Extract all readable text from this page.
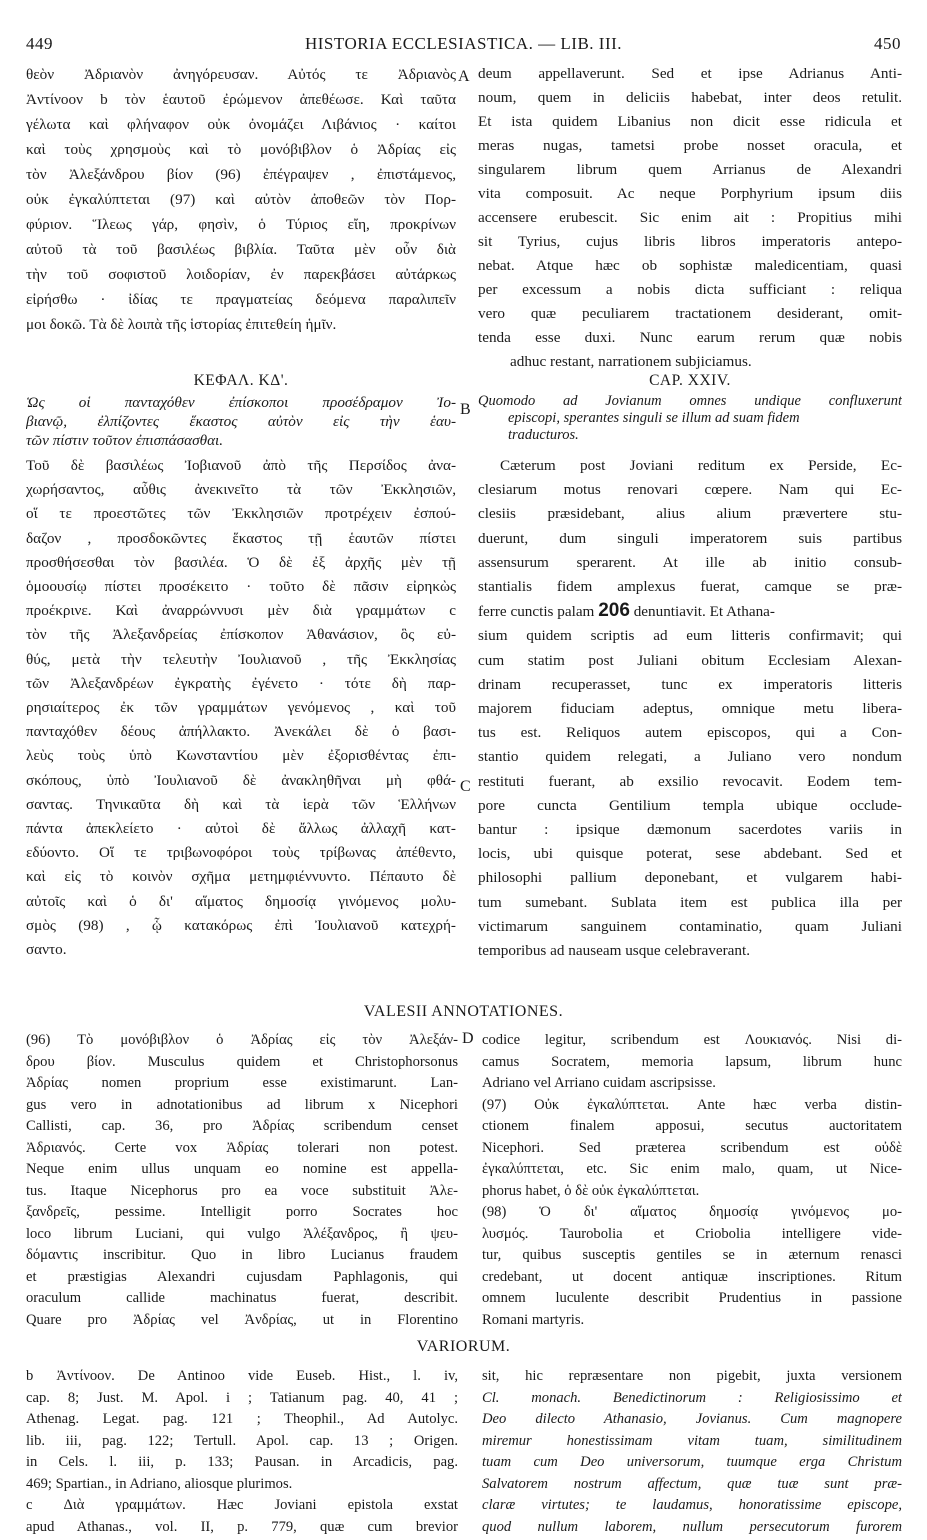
449	HISTORIA ECCLESIASTICA. — LIB. III.	450
A
B
C
D
θεὸν Ἀδριανὸν ἀνηγόρευσαν. Αὐτός τε Ἀδριανὸς
Ἀντίνοον b τὸν ἑαυτοῦ ἐρώμενον ἀπεθέωσε. Καὶ ταῦτα
γέλωτα καὶ φλήναφον οὐκ ὀνομάζει Λιβάνιος · καίτοι
καὶ τοὺς χρησμοὺς καὶ τὸ μονόβιβλον ὁ Ἀδρίας εἰς
τὸν Ἀλεξάνδρου βίον (96) ἐπέγραψεν , ἐπιστάμενος,
οὐκ ἐγκαλύπτεται (97) καὶ αὐτὸν ἀποθεῶν τὸν Πορ-
φύριον. Ἵλεως γάρ, φησὶν, ὁ Τύριος εἴη, προκρίνων
αὐτοῦ τὰ τοῦ βασιλέως βιβλία. Ταῦτα μὲν οὖν διὰ
τὴν τοῦ σοφιστοῦ λοιδορίαν, ἐν παρεκβάσει αὐτάρκως
εἰρήσθω · ἰδίας τε πραγματείας δεόμενα παραλιπεῖν
μοι δοκῶ. Τὰ δὲ λοιπὰ τῆς ἱστορίας ἐπιτεθείη ἡμῖν.
ΚΕΦΑΛ. ΚΔ'.
Ὡς οἱ πανταχόθεν ἐπίσκοποι προσέδραμον Ἰο-
βιανῷ, ἐλπίζοντες ἕκαστος αὐτὸν εἰς τὴν ἑαυ-
τῶν πίστιν τοῦτον ἐπισπάσασθαι.
Τοῦ δὲ βασιλέως Ἰοβιανοῦ ἀπὸ τῆς Περσίδος ἀνα-
χωρήσαντος, αὖθις ἀνεκινεῖτο τὰ τῶν Ἐκκλησιῶν,
οἵ τε προεστῶτες τῶν Ἐκκλησιῶν προτρέχειν ἐσπού-
δαζον , προσδοκῶντες ἕκαστος τῇ ἑαυτῶν πίστει
προσθήσεσθαι τὸν βασιλέα. Ὁ δὲ ἐξ ἀρχῆς μὲν τῇ
ὁμοουσίῳ πίστει προσέκειτο · τοῦτο δὲ πᾶσιν εἰρηκὼς
προέκρινε. Καὶ ἀναρρώννυσι μὲν διὰ γραμμάτων c
τὸν τῆς Ἀλεξανδρείας ἐπίσκοπον Ἀθανάσιον, ὃς εὐ-
θύς, μετὰ τὴν τελευτὴν Ἰουλιανοῦ , τῆς Ἐκκλησίας
τῶν Ἀλεξανδρέων ἐγκρατὴς ἐγένετο · τότε δὴ παρ-
ρησιαίτερος ἐκ τῶν γραμμάτων γενόμενος , καὶ τοῦ
πανταχόθεν δέους ἀπήλλακτο. Ἀνεκάλει δὲ ὁ βασι-
λεὺς τοὺς ὑπὸ Κωνσταντίου μὲν ἐξορισθέντας ἐπι-
σκόπους, ὑπὸ Ἰουλιανοῦ δὲ ἀνακληθῆναι μὴ φθά-
σαντας. Τηνικαῦτα δὴ καὶ τὰ ἱερὰ τῶν Ἑλλήνων
πάντα ἀπεκλείετο · αὐτοὶ δὲ ἄλλως ἀλλαχῆ κατ-
εδύοντο. Οἵ τε τριβωνοφόροι τοὺς τρίβωνας ἀπέθεντο,
καὶ εἰς τὸ κοινὸν σχῆμα μετημφιέννυντο. Πέπαυτο δὲ
αὐτοῖς καὶ ὁ δι' αἵματος δημοσίᾳ γινόμενος μολυ-
σμὸς (98) , ᾧ κατακόρως ἐπὶ Ἰουλιανοῦ κατεχρή-
σαντο.
deum appellaverunt. Sed et ipse Adrianus Anti-
noum, quem in deliciis habebat, inter deos retulit.
Et ista quidem Libanius non dicit esse ridicula et
meras nugas, tametsi probe nosset oracula, et
singularem librum quem Arrianus de Alexandri
vita composuit. Ac neque Porphyrium ipsum diis
accensere erubescit. Sic enim ait : Propitius mihi
sit Tyrius, cujus libris libros imperatoris antepo-
nebat. Atque hæc ob sophistæ maledicentiam, quasi
per excessum a nobis dicta sufficiant : reliqua
vero quæ peculiarem tractationem desiderant, omit-
tenda esse duxi. Nunc earum rerum quæ nobis
adhuc restant, narrationem subjiciamus.
CAP. XXIV.
Quomodo ad Jovianum omnes undique confluxerunt
episcopi, sperantes singuli se illum ad suam fidem
traducturos.
Cæterum post Joviani reditum ex Perside, Ec-
clesiarum motus renovari cœpere. Nam qui Ec-
clesiis præsidebant, alius alium prævertere stu-
duerunt, dum singuli imperatorem suis partibus
assensurum sperarent. At ille ab initio consub-
stantialis fidem amplexus fuerat, camque se præ-
ferre cunctis palam 206 denuntiavit. Et Athana-
sium quidem scriptis ad eum litteris confirmavit; qui
cum statim post Juliani obitum Ecclesiam Alexan-
drinam recuperasset, tunc ex imperatoris litteris
majorem fiduciam adeptus, omnique metu libera-
tus est. Reliquos autem episcopos, qui a Con-
stantio quidem relegati, a Juliano vero nondum
restituti fuerant, ab exsilio revocavit. Eodem tem-
pore cuncta Gentilium templa ubique occlude-
bantur : ipsique dæmonum sacerdotes variis in
locis, ubi quisque poterat, sese abdebant. Sed et
philosophi pallium deponebant, et vulgarem habi-
tum sumebant. Sublata item est publica illa per
victimarum sanguinem contaminatio, quam Juliani
temporibus ad nauseam usque celebraverant.
VALESII ANNOTATIONES.
(96) Τὸ μονόβιβλον ὁ Ἀδρίας εἰς τὸν Ἀλεξάν-
δρου βίον. Musculus quidem et Christophorsonus
Ἀδρίας nomen proprium esse existimarunt. Lan-
gus vero in adnotationibus ad librum x Nicephori
Callisti, cap. 36, pro Ἀδρίας scribendum censet
Ἀδριανός. Certe vox Ἀδρίας tolerari non potest.
Neque enim ullus unquam eo nomine est appella-
tus. Itaque Nicephorus pro ea voce substituit Ἀλε-
ξανδρεῖς, pessime. Intelligit porro Socrates hoc
loco librum Luciani, qui vulgo Ἀλέξανδρος, ἢ ψευ-
δόμαντις inscribitur. Quo in libro Lucianus fraudem
et præstigias Alexandri cujusdam Paphlagonis, qui
oraculum callide machinatus fuerat, describit.
Quare pro Ἀδρίας vel Ἀνδρίας, ut in Florentino
codice legitur, scribendum est Λουκιανός. Nisi di-
camus Socratem, memoria lapsum, librum hunc
Adriano vel Arriano cuidam ascripsisse.
(97) Οὐκ ἐγκαλύπτεται. Ante hæc verba distin-
ctionem finalem apposui, secutus auctoritatem
Nicephori. Sed præterea scribendum est οὐδὲ
ἐγκαλύπτεται, etc. Sic enim malo, quam, ut Nice-
phorus habet, ὁ δὲ οὐκ ἐγκαλύπτεται.
(98) Ὁ δι' αἵματος δημοσίᾳ γινόμενος μο-
λυσμός. Taurobolia et Criobolia intelligere vide-
tur, quibus susceptis gentiles se in æternum renasci
credebant, ut docent antiquæ inscriptiones. Ritum
omnem luculente describit Prudentius in passione
Romani martyris.
VARIORUM.
b Ἀντίνοον. De Antinoo vide Euseb. Hist., l. iv,
cap. 8; Just. M. Apol. i ; Tatianum pag. 40, 41 ;
Athenag. Legat. pag. 121 ; Theophil., Ad Autolyc.
lib. iii, pag. 122; Tertull. Apol. cap. 13 ; Origen.
in Cels. l. iii, p. 133; Pausan. in Arcadicis, pag.
469; Spartian., in Adriano, aliosque plurimos.
c Διὰ γραμμάτων. Hæc Joviani epistola exstat
apud Athanas., vol. II, p. 779, quæ cum brevior
sit, hic repræsentare non pigebit, juxta versionem
Cl. monach. Benedictinorum : Religiosissimo et
Deo dilecto Athanasio, Jovianus. Cum magnopere
miremur honestissimam vitam tuam, similitudinem
tuam cum Deo universorum, tuumque erga Christum
Salvatorem nostrum affectum, quæ tuæ sunt præ-
claræ virtutes; te laudamus, honoratissime episcope,
quod nullum laborem, nullum persecutorum furorem
